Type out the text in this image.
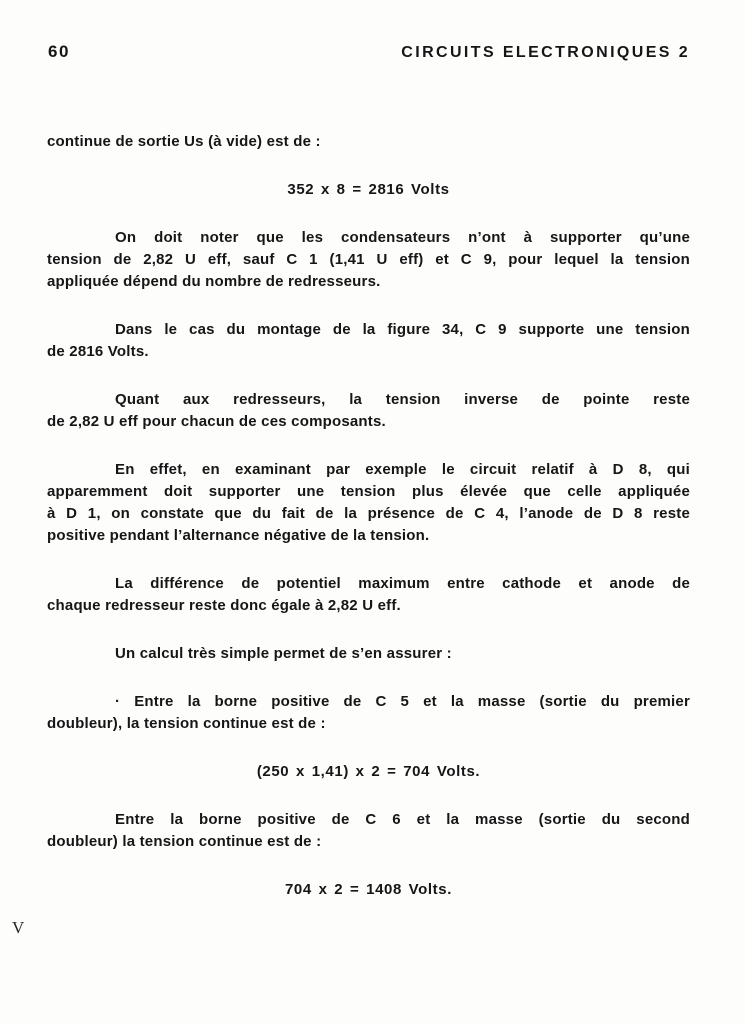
60	CIRCUITS ELECTRONIQUES 2
continue de sortie Us (à vide) est de :
352 x 8 = 2816 Volts
On doit noter que les condensateurs n’ont à supporter qu’une
tension de 2,82 U eff, sauf C 1 (1,41 U eff) et C 9, pour lequel la tension
appliquée dépend du nombre de redresseurs.
Dans le cas du montage de la figure 34, C 9 supporte une tension
de 2816 Volts.
Quant aux redresseurs, la tension inverse de pointe reste
de 2,82 U eff pour chacun de ces composants.
En effet, en examinant par exemple le circuit relatif à D 8, qui
apparemment doit supporter une tension plus élevée que celle appliquée
à D 1, on constate que du fait de la présence de C 4, l’anode de D 8 reste
positive pendant l’alternance négative de la tension.
La différence de potentiel maximum entre cathode et anode de
chaque redresseur reste donc égale à 2,82 U eff.
Un calcul très simple permet de s’en assurer :
· Entre la borne positive de C 5 et la masse (sortie du premier
doubleur), la tension continue est de :
(250 x 1,41) x 2 = 704 Volts.
Entre la borne positive de C 6 et la masse (sortie du second
doubleur) la tension continue est de :
704 x 2 = 1408 Volts.
V
